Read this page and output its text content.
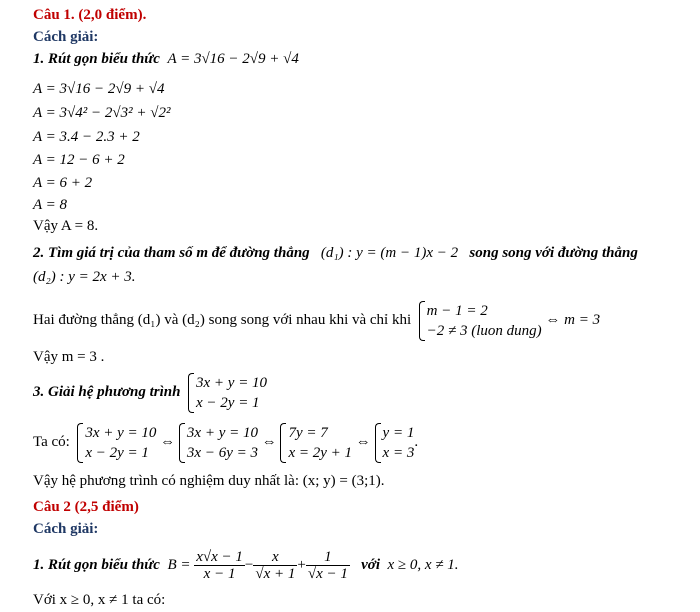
Câu 1. (2,0 điểm).
Cách giải:
1. Rút gọn biểu thức A = 3√16 − 2√9 + √4
A = 3√16 − 2√9 + √4
A = 3√4² − 2√3² + √2²
A = 3.4 − 2.3 + 2
A = 12 − 6 + 2
A = 6 + 2
A = 8
Vậy A = 8.
2. Tìm giá trị của tham số m để đường thẳng (d₁) : y = (m − 1)x − 2 song song với đường thẳng
(d₂) : y = 2x + 3.
Hai đường thẳng (d₁) và (d₂) song song với nhau khi và chỉ khi
m − 1 = 2
−2 ≠ 3 (luon dung)
⇔ m = 3
Vậy m = 3 .
3. Giải hệ phương trình
3x + y = 10
x − 2y = 1
Ta có:
3x + y = 10
x − 2y = 1
⇔
3x + y = 10
3x − 6y = 3
⇔
7y = 7
x = 2y + 1
⇔
y = 1
x = 3
.
Vậy hệ phương trình có nghiệm duy nhất là: (x; y) = (3;1).
Câu 2 (2,5 điểm)
Cách giải:
1. Rút gọn biểu thức $B = \frac{x√x - 1}{x - 1} - \frac{x}{√x + 1} + \frac{1}{√x - 1}$ với x ≥ 0, x ≠ 1.
Với x ≥ 0, x ≠ 1 ta có:
